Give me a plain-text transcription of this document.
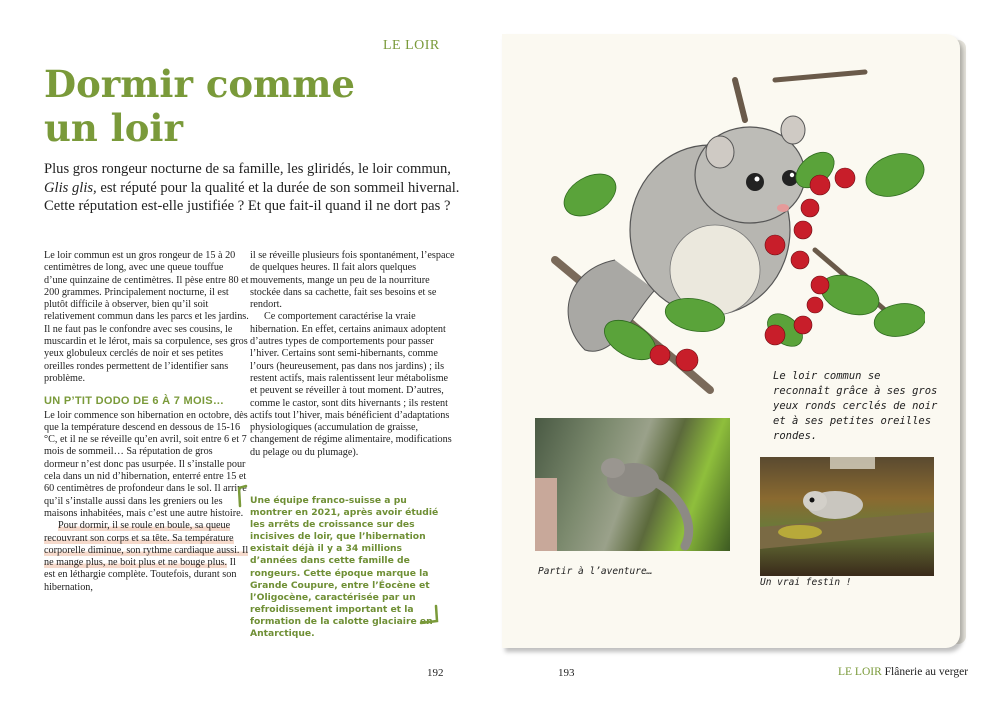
LE LOIR
Dormir comme
un loir

Plus gros rongeur nocturne de sa famille, les gliridés, le loir commun, Glis glis, est réputé pour la qualité et la durée de son sommeil hivernal. Cette réputation est-elle justifiée ? Et que fait-il quand il ne dort pas ?

Le loir commun est un gros rongeur de 15 à 20 centimètres de long, avec une queue touffue d’une quinzaine de centimètres. Il pèse entre 80 et 200 grammes. Principalement nocturne, il est plutôt difficile à observer, bien qu’il soit relativement commun dans les parcs et les jardins. Il ne faut pas le confondre avec ses cousins, le muscardin et le lérot, mais sa corpulence, ses gros yeux globuleux cerclés de noir et ses petites oreilles rondes permettent de l’identifier sans problème.

UN P’TIT DODO DE 6 À 7 MOIS…

Le loir commence son hibernation en octobre, dès que la température descend en dessous de 15-16 °C, et il ne se réveille qu’en avril, soit entre 6 et 7 mois de sommeil… Sa réputation de gros dormeur n’est donc pas usurpée. Il s’installe pour cela dans un nid d’hibernation, enterré entre 15 et 60 centimètres de profondeur dans le sol. Il arrive qu’il s’installe aussi dans les greniers ou les maisons inhabitées, mais c’est une autre histoire.

Pour dormir, il se roule en boule, sa queue recouvrant son corps et sa tête. Sa température corporelle diminue, son rythme cardiaque aussi. Il ne mange plus, ne boit plus et ne bouge plus. Il est en léthargie complète. Toutefois, durant son hibernation,

il se réveille plusieurs fois spontanément, l’espace de quelques heures. Il fait alors quelques mouvements, mange un peu de la nourriture stockée dans sa cachette, fait ses besoins et se rendort.

Ce comportement caractérise la vraie hibernation. En effet, certains animaux adoptent d’autres types de comportements pour passer l’hiver. Certains sont semi-hibernants, comme l’ours (heureusement, pas dans nos jardins) ; ils restent actifs, mais ralentissent leur métabolisme et peuvent se réveiller à tout moment. D’autres, comme le castor, sont dits hivernants ; ils restent actifs tout l’hiver, mais bénéficient d’adaptations physiologiques (accumulation de graisse, changement de régime alimentaire, modifications du pelage ou du plumage).

Une équipe franco-suisse a pu montrer en 2021, après avoir étudié les arrêts de croissance sur des incisives de loir, que l’hibernation existait déjà il y a 34 millions d’années dans cette famille de rongeurs. Cette époque marque la Grande Coupure, entre l’Éocène et l’Oligocène, caractérisée par un refroidissement important et la formation de la calotte glaciaire en Antarctique.
192
Le loir commun se reconnaît grâce à ses gros yeux ronds cerclés de noir et à ses petites oreilles rondes.
Partir à l’aventure…
Un vrai festin !
193	LE LOIR Flânerie au verger
